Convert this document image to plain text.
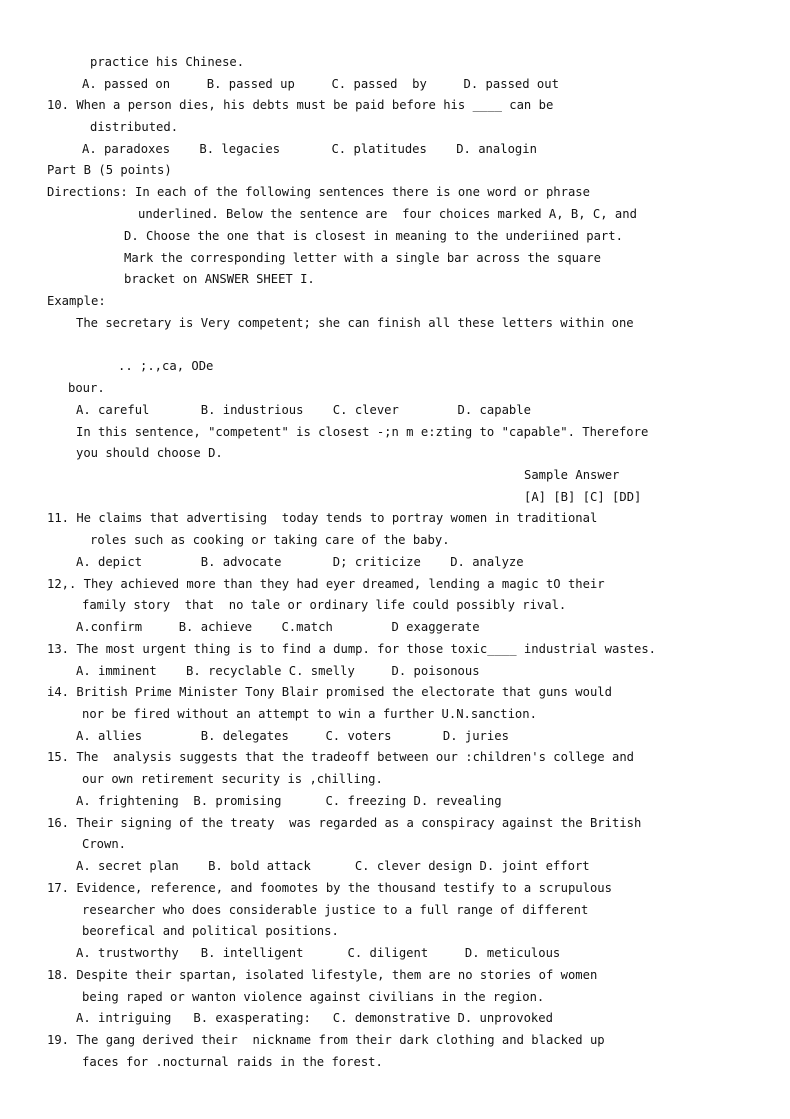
practice his Chinese.
A. passed on     B. passed up     C. passed  by     D. passed out
10. When a person dies, his debts must be paid before his ____ can be
distributed.
A. paradoxes    B. legacies       C. platitudes    D. analogin
Part B (5 points)
Directions: In each of the following sentences there is one word or phrase
underlined. Below the sentence are  four choices marked A, B, C, and
D. Choose the one that is closest in meaning to the underiined part.
Mark the corresponding letter with a single bar across the square
bracket on ANSWER SHEET I.
Example:
The secretary is Very competent; she can finish all these letters within one
.. ;.,ca, ODe
bour.
A. careful       B. industrious    C. clever        D. capable
In this sentence, "competent" is closest -;n m e:zting to "capable". Therefore
you should choose D.
Sample Answer
[A] [B] [C] [DD]
11. He claims that advertising  today tends to portray women in traditional
roles such as cooking or taking care of the baby.
A. depict        B. advocate       D; criticize    D. analyze
12,. They achieved more than they had eyer dreamed, lending a magic tO their
family story  that  no tale or ordinary life could possibly rival.
A.confirm     B. achieve    C.match        D exaggerate
13. The most urgent thing is to find a dump. for those toxic____ industrial wastes.
A. imminent    B. recyclable C. smelly     D. poisonous
i4. British Prime Minister Tony Blair promised the electorate that guns would
nor be fired without an attempt to win a further U.N.sanction.
A. allies        B. delegates     C. voters       D. juries
15. The  analysis suggests that the tradeoff between our :children's college and
our own retirement security is ,chilling.
A. frightening  B. promising      C. freezing D. revealing
16. Their signing of the treaty  was regarded as a conspiracy against the British
Crown.
A. secret plan    B. bold attack      C. clever design D. joint effort
17. Evidence, reference, and foomotes by the thousand testify to a scrupulous
researcher who does considerable justice to a full range of different
beorefical and political positions.
A. trustworthy   B. intelligent      C. diligent     D. meticulous
18. Despite their spartan, isolated lifestyle, them are no stories of women
being raped or wanton violence against civilians in the region.
A. intriguing   B. exasperating:   C. demonstrative D. unprovoked
19. The gang derived their  nickname from their dark clothing and blacked up
faces for .nocturnal raids in the forest.
